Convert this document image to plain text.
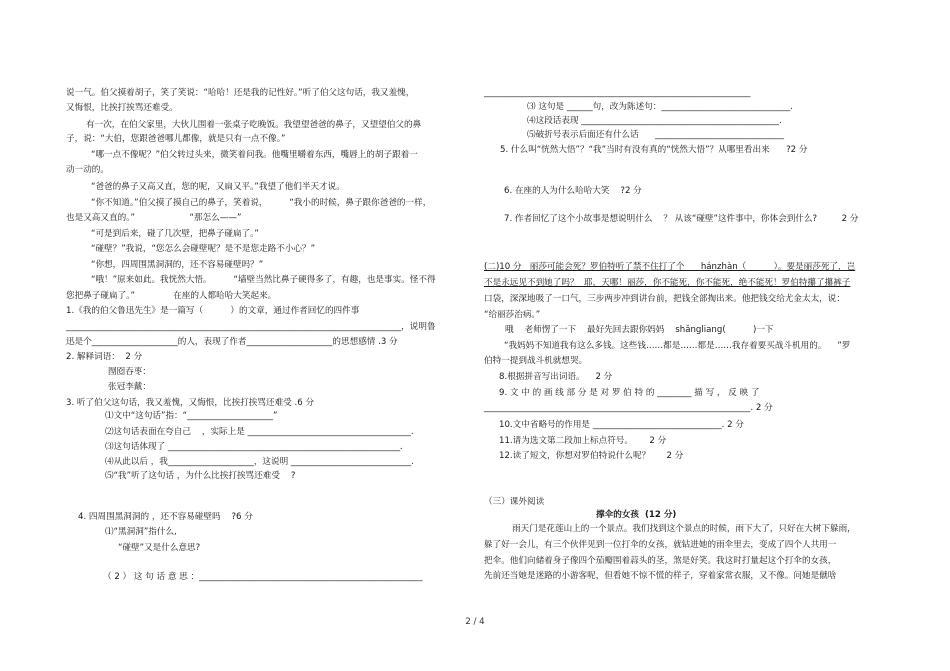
说一气。伯父摸着胡子，笑了笑说：“哈哈！还是我的记性好。”听了伯父这句话，我又羞愧，
又悔恨，比挨打挨骂还难受。
有一次，在伯父家里，大伙儿围着一张桌子吃晚饭。我望望爸爸的鼻子，又望望伯父的鼻
子，说：“大伯，您跟爸爸哪儿都像，就是只有一点不像。”
“哪一点不像呢？”伯父转过头来，微笑着问我。他嘴里嚼着东西，嘴唇上的胡子跟着一
动一动的。
“爸爸的鼻子又高又直，您的呢，又扁又平。”我望了他们半天才说。
“你不知道。”伯父摸了摸自己的鼻子，笑着说，        “我小的时候，鼻子跟你爸爸的一样，
也是又高又直的。”                    “那怎么——”
“可是到后来，碰了几次壁，把鼻子碰扁了。”
“碰壁？”我说，“您怎么会碰壁呢？是不是您走路不小心？”
“你想，四周围黑洞洞的，还不容易碰壁吗？”
“哦！”原来如此。我恍然大悟。        “墙壁当然比鼻子硬得多了，有趣，也是事实。怪不得
您把鼻子碰扁了。”              在座的人都哈哈大笑起来。
1.《我的伯父鲁迅先生》是一篇写（          ）的文章，通过作者回忆的四件事
______________________________________________________________________________，说明鲁
迅是个____________________的人，表现了作者____________________的思想感情 .3 分
2. 解释词语：  2 分
囫囵吞枣：
张冠李戴：
3. 听了伯父这句话，我又羞愧，又悔恨，比挨打挨骂还难受 .6 分
⑴文中“这句话”指：“____________________”
⑵这句话表面在夸自己    ，实际上是 ______________________________________.
⑶这句话体现了 ______________________________________________________.
⑷从此以后 ，我____________________，这说明 ____________________________.
⑸“我”听了这句话 ，为什么比挨打挨骂还难受    ?
4. 四周围黑洞洞的 ，还不容易碰壁吗    ?6 分
⑴“黑洞洞”指什么,
“碰壁”又是什么意思?
（ 2 ） 这 句 话 意 思 ：____________________________________________________
______________________________________________________________
⑶ 这句是 ______句，改为陈述句：______________________________.
⑷这段话表现 ______________________________________________.
⑸破折号表示后面还有什么话      ______________________________
5. 什么叫“恍然大悟”？“我”当时有没有真的“恍然大悟”？从哪里看出来      ?2 分
6. 在座的人为什么哈哈大笑    ?2 分
7. 作者回忆了这个小故事是想说明什么    ？ 从该“碰壁”这件事中，你体会到什么?         2 分
(二)10 分   丽莎可能会死？罗伯特听了禁不住打了个      hánzhàn（          ）。要是丽莎死了，岂
不是永远见不到她了吗？  耶，天哪！丽莎，你不能死，你不能死，绝不能死！罗伯特攥了攥裤子
口袋，深深地吸了一口气，三步两步冲到讲台前，把钱全部掏出来。他把钱交给尤金太太，说：
“给丽莎治病。”
哦    老师愣了一下    最好先回去跟你妈妈    shǎngliang(          )一下
“我妈妈不知道我有这么多钱。这些钱……都是……都是……我存着要买战斗机用的。    ”罗
伯特一提到战斗机就想哭。
8.根据拼音写出词语。    2 分
9. 文 中 的 画 线 部 分 是 对 罗 伯 特 的 ________ 描 写 ， 反 映 了
______________________________________________________________. 2 分
10.文中省略号的作用是 ______________________________. 2 分
11.请为选文第二段加上标点符号。      2 分
12.读了短文，你想对罗伯特说什么呢？      2 分
（三）课外阅读
撑伞的女孩  (12 分)
雨天门是花莲山上的一个景点。我们找到这个景点的时候，雨下大了，只好在大树下躲雨，
躲了好一会儿，有三个伙伴见到一位打伞的女孩，就钻进她的雨伞里去，变成了四个人共用一
把伞。他们向储着身子像四个茄瓣围着蒜头的茎，煞是好笑。我这时打量起这个打伞的女孩，
先前还当她是迷路的小游客呢，但看她不惊不慌的样子，穿着家常衣服，又不像。问她是僦啥
2 / 4
